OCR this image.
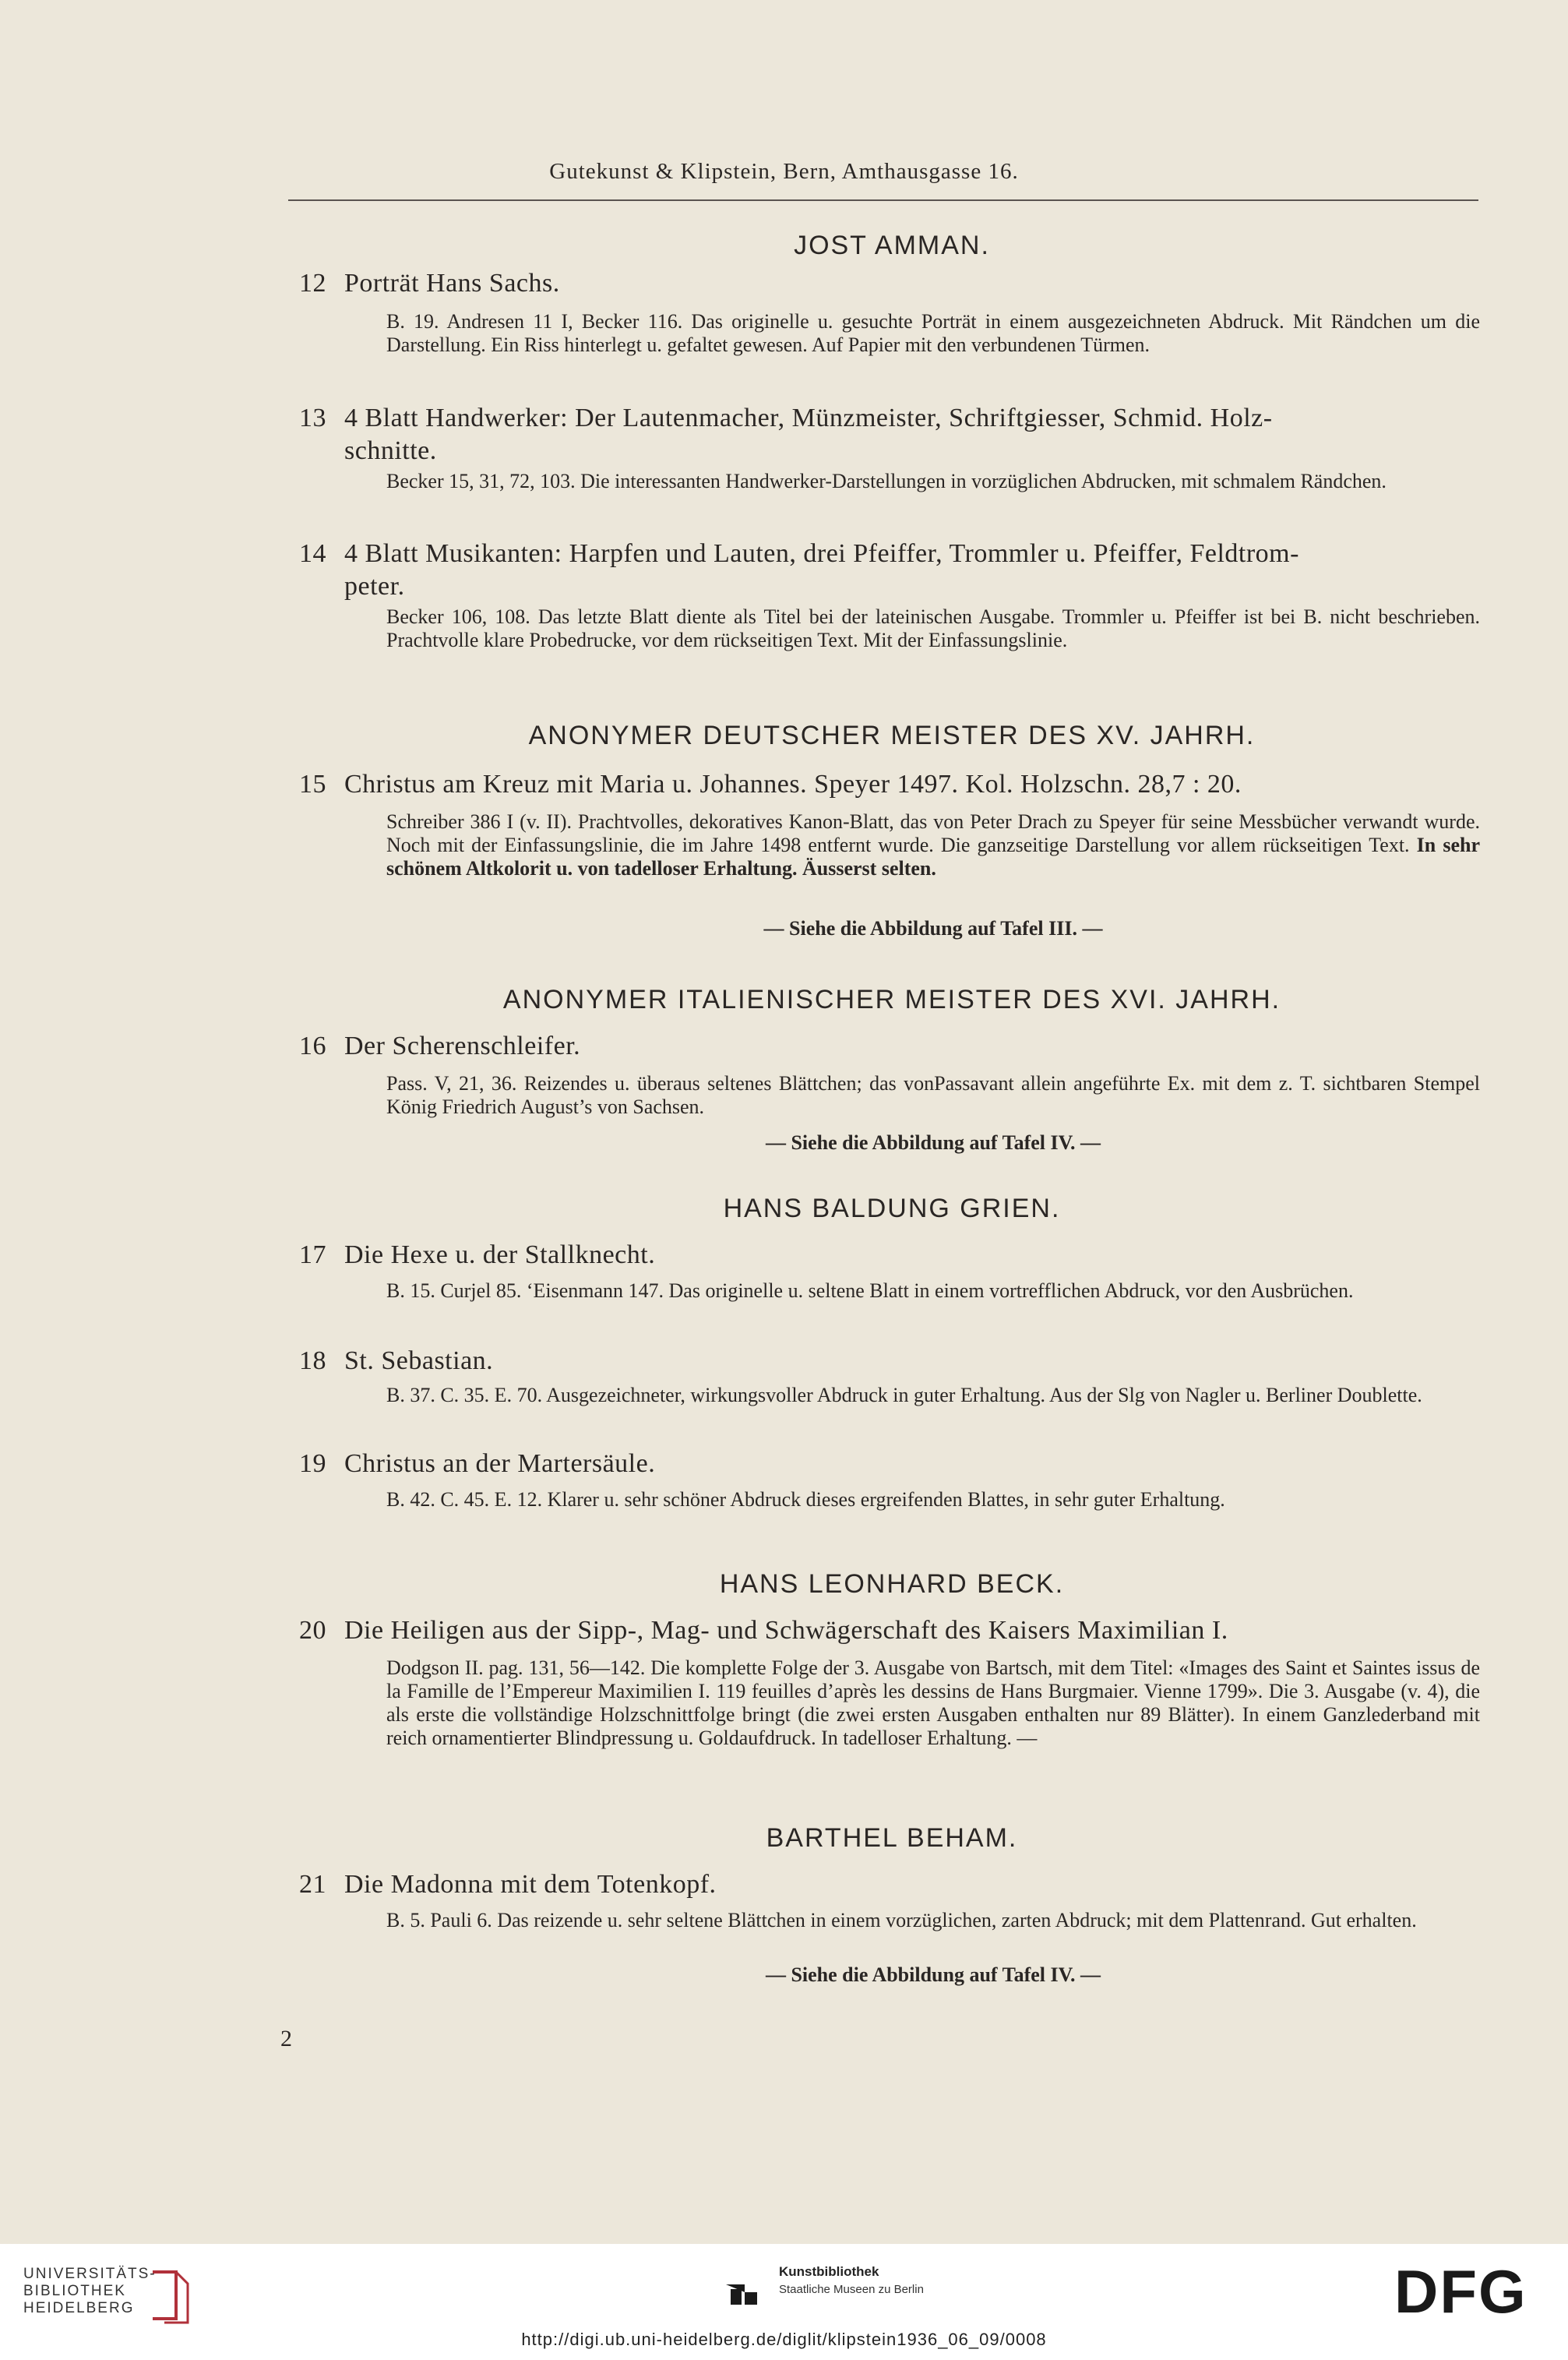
Gutekunst & Klipstein, Bern, Amthausgasse 16.
JOST AMMAN.
12 Porträt Hans Sachs.
B. 19. Andresen 11 I, Becker 116. Das originelle u. gesuchte Porträt in einem ausgezeichneten Abdruck. Mit Rändchen um die Darstellung. Ein Riss hinterlegt u. gefaltet gewesen. Auf Papier mit den verbundenen Türmen.
13 4 Blatt Handwerker: Der Lautenmacher, Münzmeister, Schriftgiesser, Schmid. Holz-
schnitte.
Becker 15, 31, 72, 103. Die interessanten Handwerker-Darstellungen in vorzüglichen Abdrucken, mit schmalem Rändchen.
14 4 Blatt Musikanten: Harpfen und Lauten, drei Pfeiffer, Trommler u. Pfeiffer, Feldtrom-
peter.
Becker 106, 108. Das letzte Blatt diente als Titel bei der lateinischen Ausgabe. Trommler u. Pfeiffer ist bei B. nicht beschrieben. Prachtvolle klare Probedrucke, vor dem rückseitigen Text. Mit der Einfassungslinie.
ANONYMER DEUTSCHER MEISTER DES XV. JAHRH.
15 Christus am Kreuz mit Maria u. Johannes. Speyer 1497. Kol. Holzschn. 28,7 : 20.
Schreiber 386 I (v. II). Prachtvolles, dekoratives Kanon-Blatt, das von Peter Drach zu Speyer für seine Messbücher verwandt wurde. Noch mit der Einfassungslinie, die im Jahre 1498 entfernt wurde. Die ganzseitige Darstellung vor allem rückseitigen Text. In sehr schönem Altkolorit u. von tadelloser Erhaltung. Äusserst selten.
— Siehe die Abbildung auf Tafel III. —
ANONYMER ITALIENISCHER MEISTER DES XVI. JAHRH.
16 Der Scherenschleifer.
Pass. V, 21, 36. Reizendes u. überaus seltenes Blättchen; das vonPassavant allein angeführte Ex. mit dem z. T. sichtbaren Stempel König Friedrich August’s von Sachsen.
— Siehe die Abbildung auf Tafel IV. —
HANS BALDUNG GRIEN.
17 Die Hexe u. der Stallknecht.
B. 15. Curjel 85. ‘Eisenmann 147. Das originelle u. seltene Blatt in einem vortrefflichen Abdruck, vor den Ausbrüchen.
18 St. Sebastian.
B. 37. C. 35. E. 70. Ausgezeichneter, wirkungsvoller Abdruck in guter Erhaltung. Aus der Slg von Nagler u. Berliner Doublette.
19 Christus an der Martersäule.
B. 42. C. 45. E. 12. Klarer u. sehr schöner Abdruck dieses ergreifenden Blattes, in sehr guter Erhaltung.
HANS LEONHARD BECK.
20 Die Heiligen aus der Sipp-, Mag- und Schwägerschaft des Kaisers Maximilian I.
Dodgson II. pag. 131, 56—142. Die komplette Folge der 3. Ausgabe von Bartsch, mit dem Titel: «Images des Saint et Saintes issus de la Famille de l’Empereur Maximilien I. 119 feuilles d’après les dessins de Hans Burgmaier. Vienne 1799». Die 3. Ausgabe (v. 4), die als erste die vollständige Holzschnittfolge bringt (die zwei ersten Ausgaben enthalten nur 89 Blätter). In einem Ganzlederband mit reich ornamentierter Blindpressung u. Goldaufdruck. In tadelloser Erhaltung. —
BARTHEL BEHAM.
21 Die Madonna mit dem Totenkopf.
B. 5. Pauli 6. Das reizende u. sehr seltene Blättchen in einem vorzüglichen, zarten Abdruck; mit dem Plattenrand. Gut erhalten.
— Siehe die Abbildung auf Tafel IV. —
2
UNIVERSITÄTS-
BIBLIOTHEK
HEIDELBERG
Kunstbibliothek
Staatliche Museen zu Berlin	DFG
http://digi.ub.uni-heidelberg.de/diglit/klipstein1936_06_09/0008
